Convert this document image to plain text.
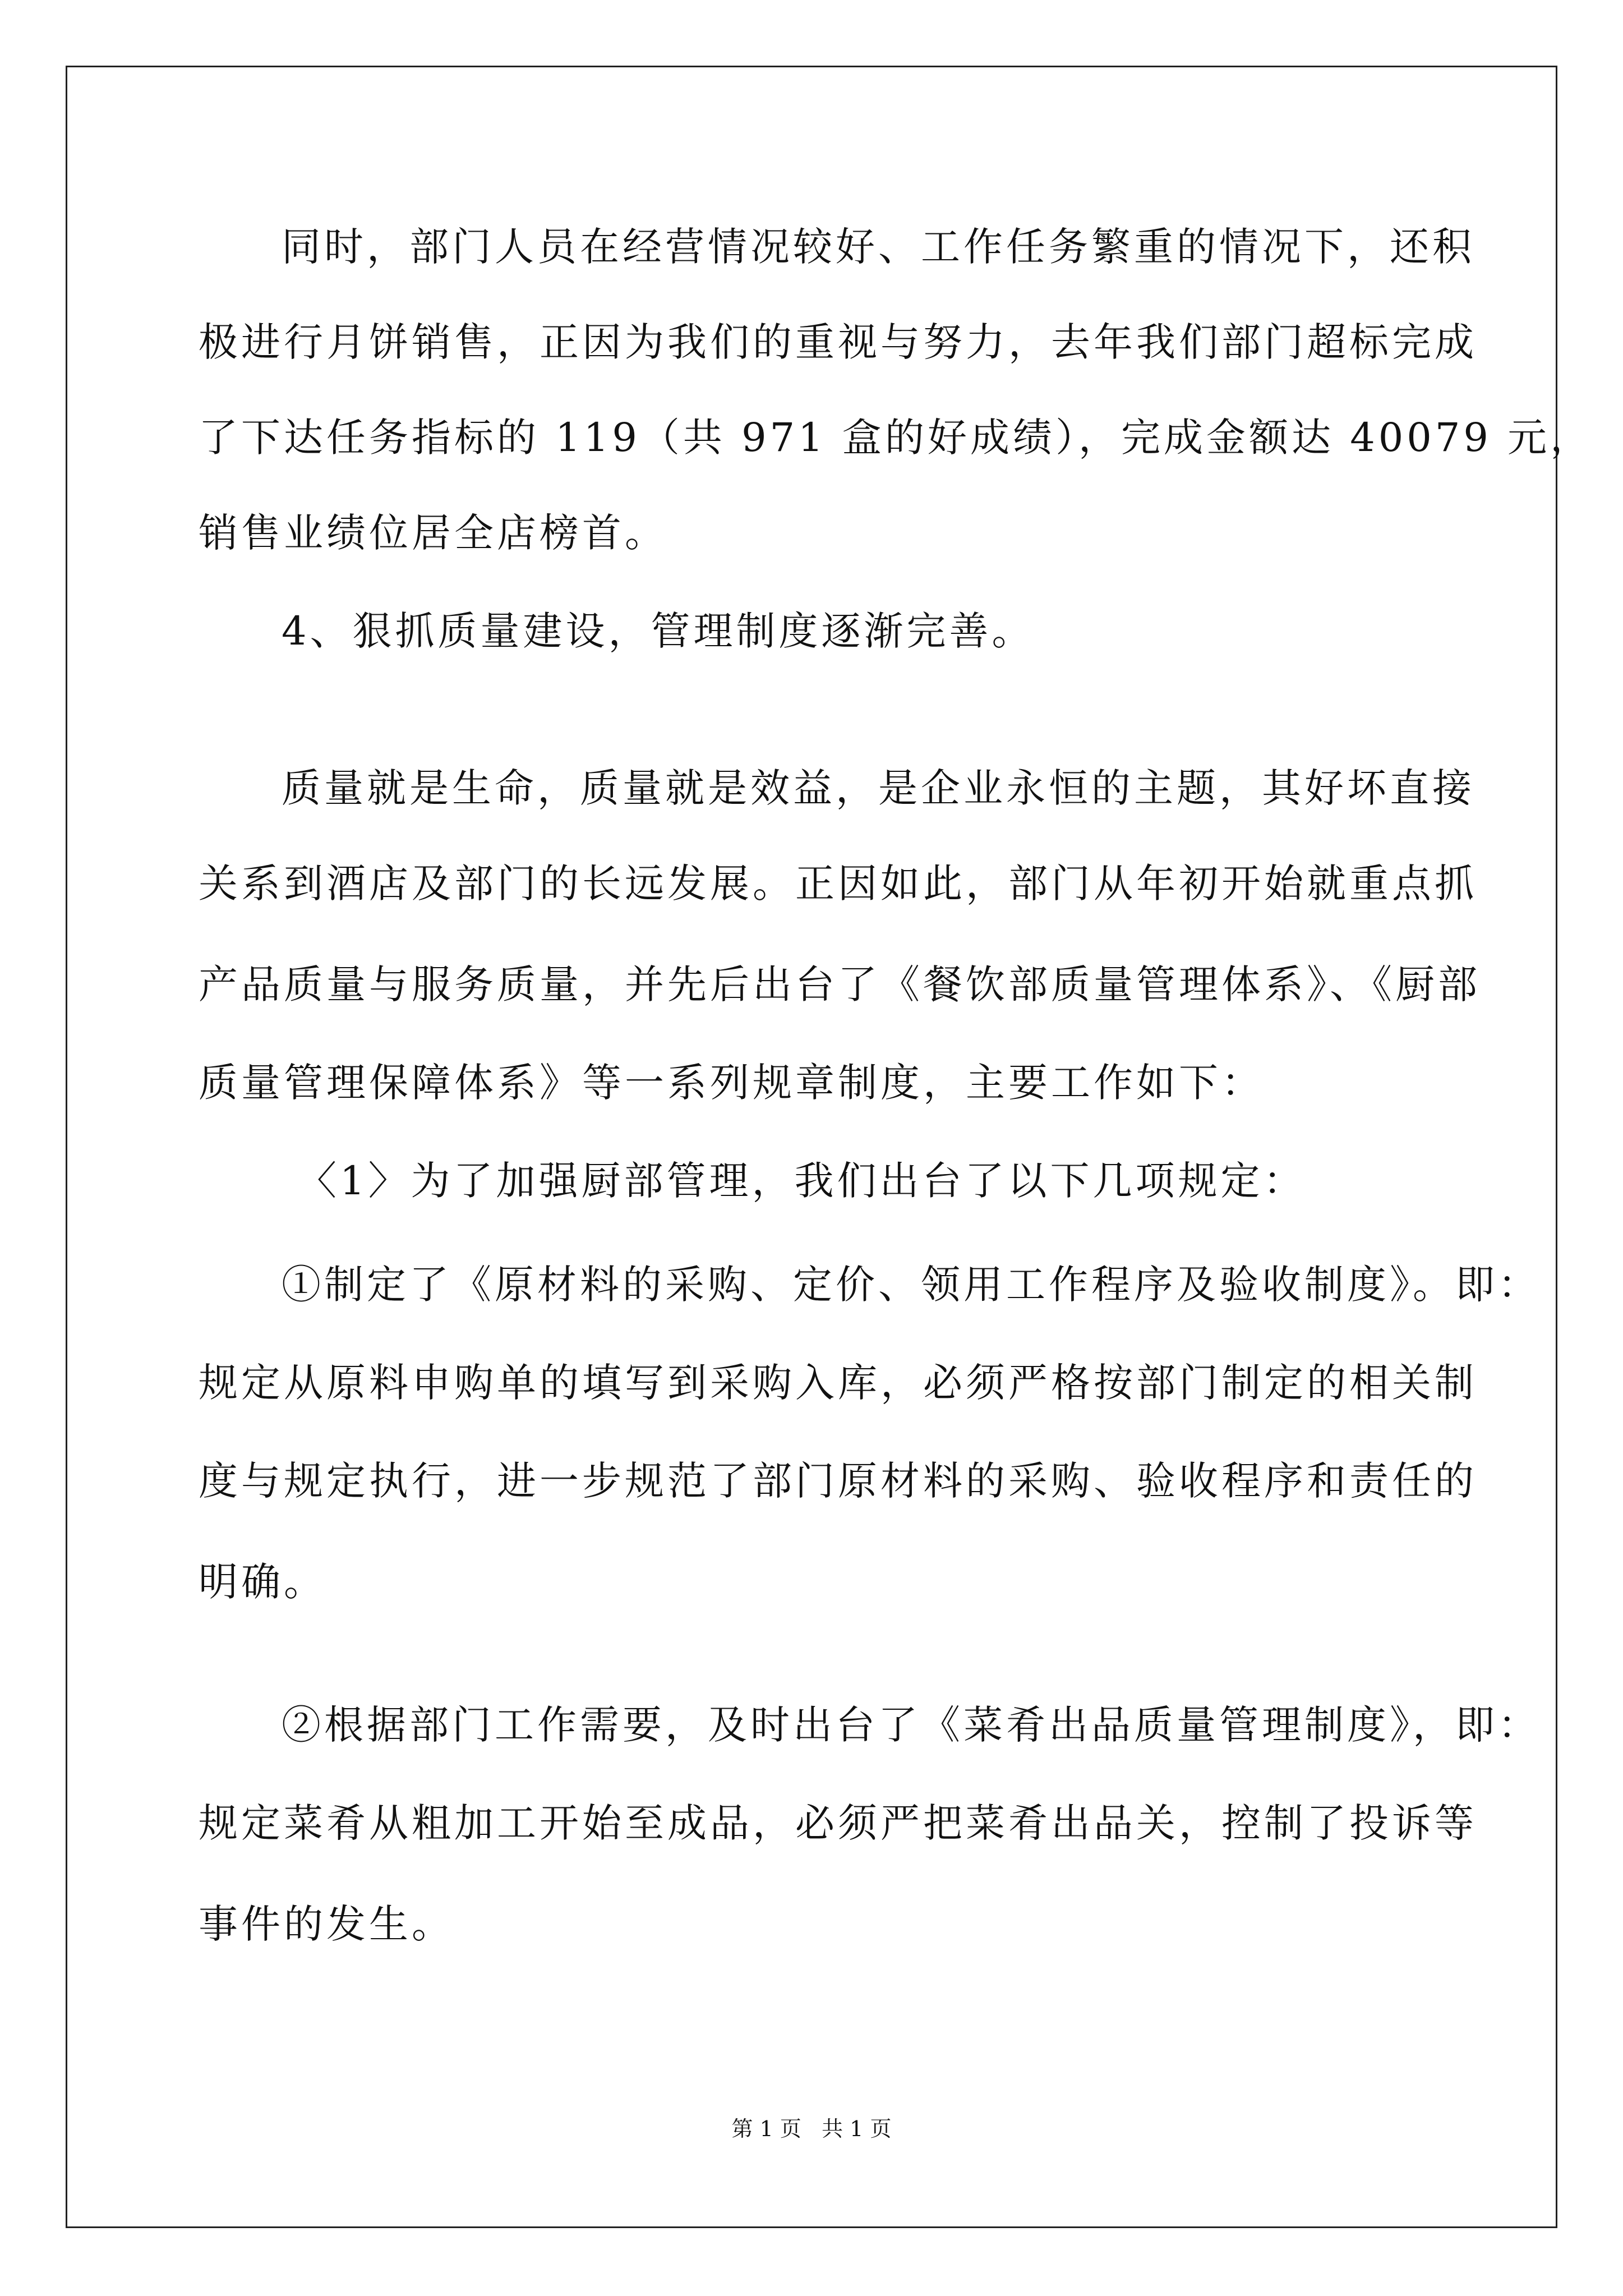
同时，部门人员在经营情况较好、工作任务繁重的情况下，还积
极进行月饼销售，正因为我们的重视与努力，去年我们部门超标完成
了下达任务指标的 119（共 971 盒的好成绩），完成金额达 40079 元，
销售业绩位居全店榜首。
4、狠抓质量建设，管理制度逐渐完善。
质量就是生命，质量就是效益，是企业永恒的主题，其好坏直接
关系到酒店及部门的长远发展。正因如此，部门从年初开始就重点抓
产品质量与服务质量，并先后出台了《餐饮部质量管理体系》、《厨部
质量管理保障体系》等一系列规章制度，主要工作如下：
〈1〉为了加强厨部管理，我们出台了以下几项规定：
①制定了《原材料的采购、定价、领用工作程序及验收制度》。即：
规定从原料申购单的填写到采购入库，必须严格按部门制定的相关制
度与规定执行，进一步规范了部门原材料的采购、验收程序和责任的
明确。
②根据部门工作需要，及时出台了《菜肴出品质量管理制度》，即：
规定菜肴从粗加工开始至成品，必须严把菜肴出品关，控制了投诉等
事件的发生。
第 1 页   共 1 页
